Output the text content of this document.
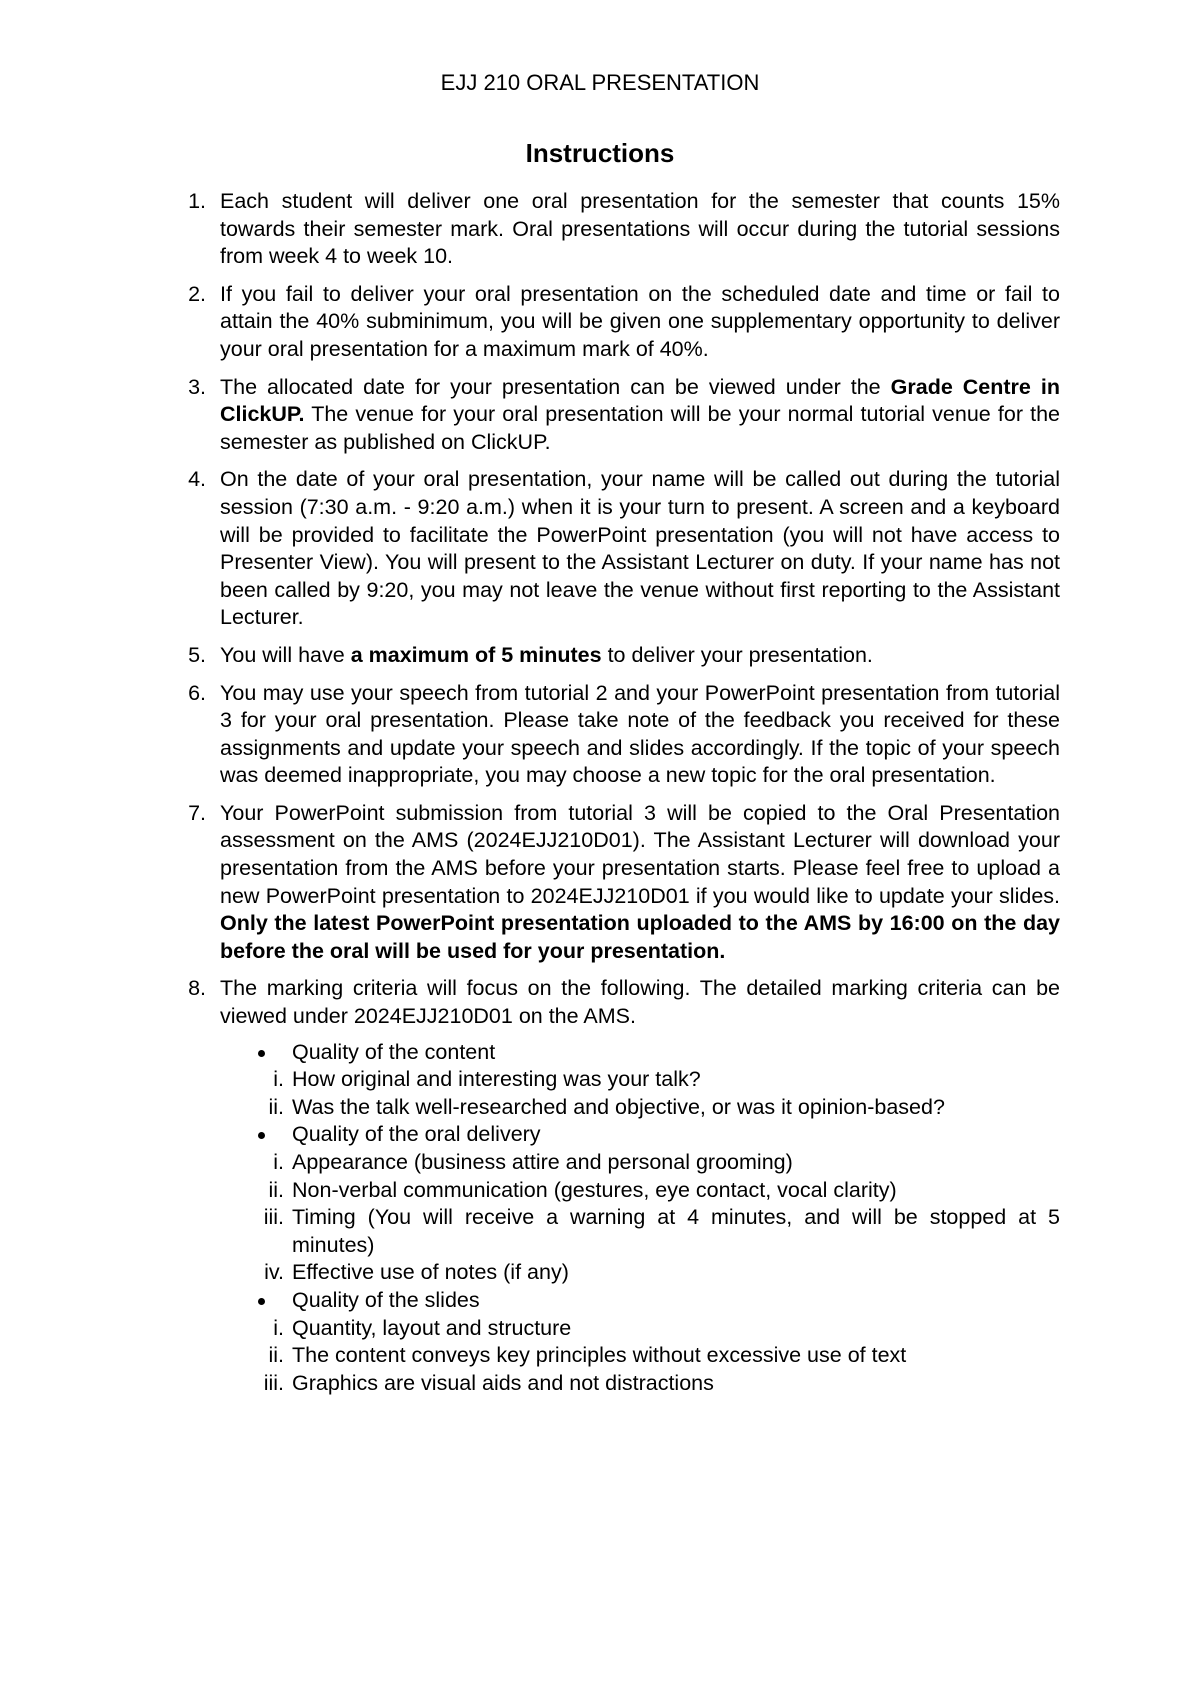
EJJ 210 ORAL PRESENTATION
Instructions
1. Each student will deliver one oral presentation for the semester that counts 15% towards their semester mark. Oral presentations will occur during the tutorial sessions from week 4 to week 10.
2. If you fail to deliver your oral presentation on the scheduled date and time or fail to attain the 40% subminimum, you will be given one supplementary opportunity to deliver your oral presentation for a maximum mark of 40%.
3. The allocated date for your presentation can be viewed under the Grade Centre in ClickUP. The venue for your oral presentation will be your normal tutorial venue for the semester as published on ClickUP.
4. On the date of your oral presentation, your name will be called out during the tutorial session (7:30 a.m. - 9:20 a.m.) when it is your turn to present. A screen and a keyboard will be provided to facilitate the PowerPoint presentation (you will not have access to Presenter View). You will present to the Assistant Lecturer on duty. If your name has not been called by 9:20, you may not leave the venue without first reporting to the Assistant Lecturer.
5. You will have a maximum of 5 minutes to deliver your presentation.
6. You may use your speech from tutorial 2 and your PowerPoint presentation from tutorial 3 for your oral presentation. Please take note of the feedback you received for these assignments and update your speech and slides accordingly. If the topic of your speech was deemed inappropriate, you may choose a new topic for the oral presentation.
7. Your PowerPoint submission from tutorial 3 will be copied to the Oral Presentation assessment on the AMS (2024EJJ210D01). The Assistant Lecturer will download your presentation from the AMS before your presentation starts. Please feel free to upload a new PowerPoint presentation to 2024EJJ210D01 if you would like to update your slides. Only the latest PowerPoint presentation uploaded to the AMS by 16:00 on the day before the oral will be used for your presentation.
8. The marking criteria will focus on the following. The detailed marking criteria can be viewed under 2024EJJ210D01 on the AMS.
Quality of the content
i. How original and interesting was your talk?
ii. Was the talk well-researched and objective, or was it opinion-based?
Quality of the oral delivery
i. Appearance (business attire and personal grooming)
ii. Non-verbal communication (gestures, eye contact, vocal clarity)
iii. Timing (You will receive a warning at 4 minutes, and will be stopped at 5 minutes)
iv. Effective use of notes (if any)
Quality of the slides
i. Quantity, layout and structure
ii. The content conveys key principles without excessive use of text
iii. Graphics are visual aids and not distractions
